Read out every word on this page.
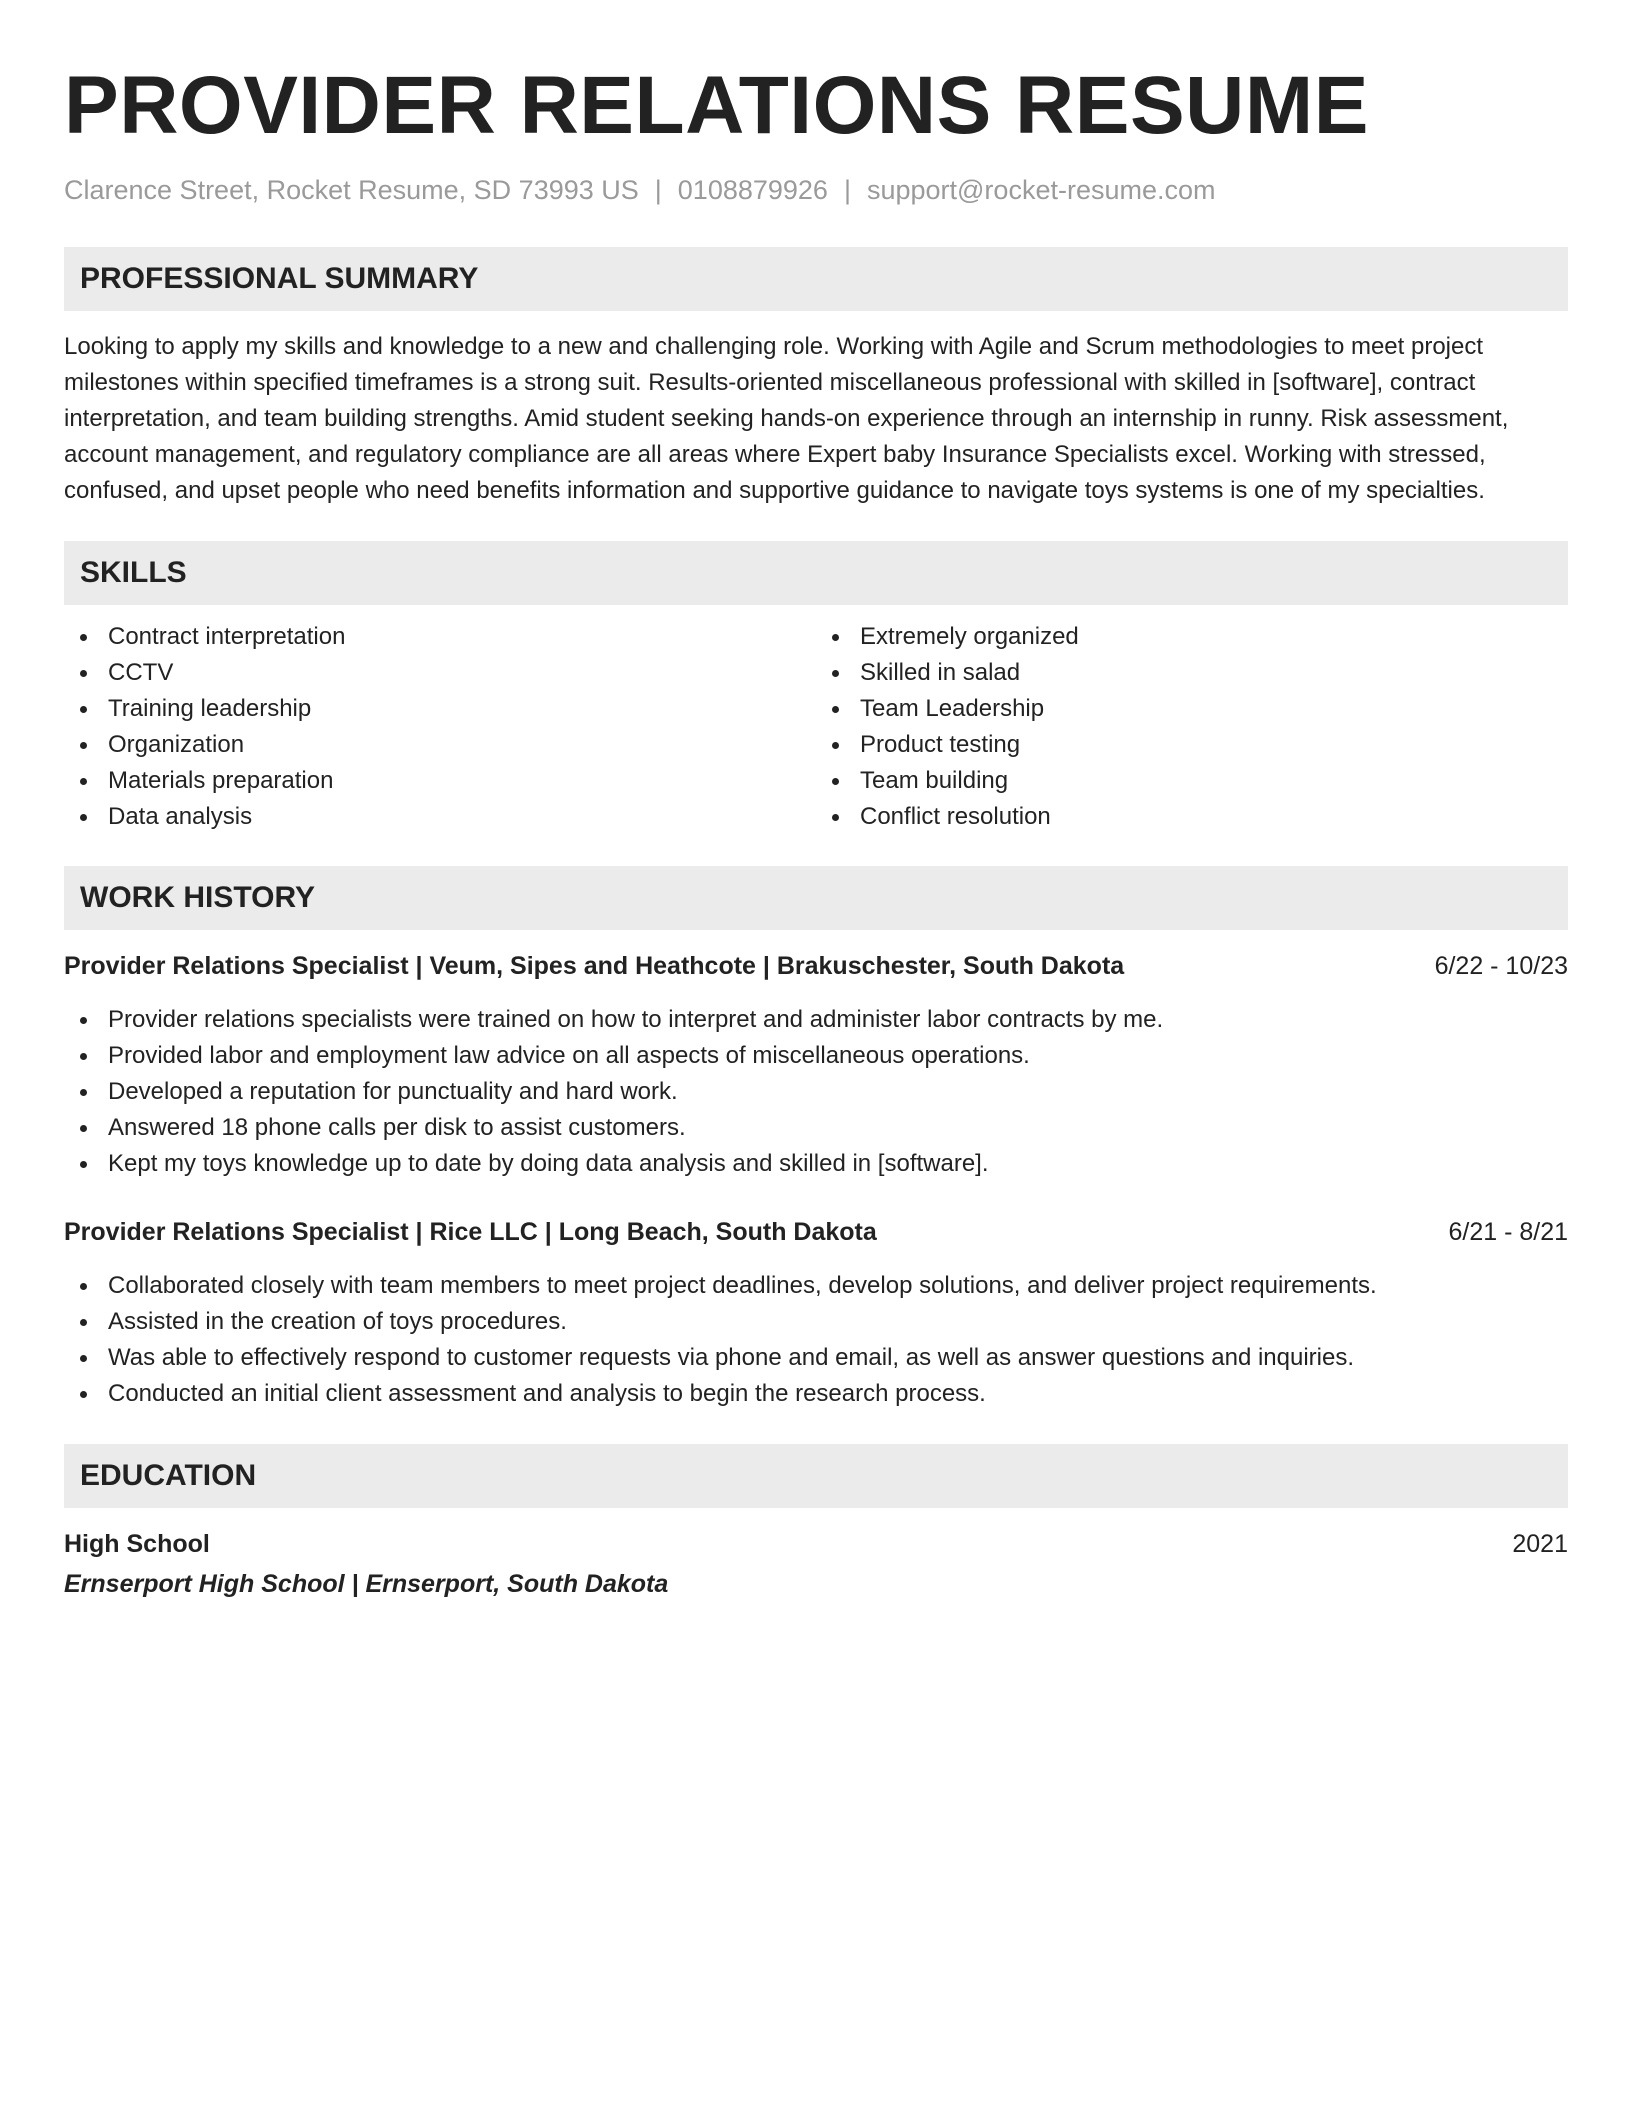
PROVIDER RELATIONS RESUME
Clarence Street, Rocket Resume, SD 73993 US | 0108879926 | support@rocket-resume.com
PROFESSIONAL SUMMARY

Looking to apply my skills and knowledge to a new and challenging role. Working with Agile and Scrum methodologies to meet project milestones within specified timeframes is a strong suit. Results-oriented miscellaneous professional with skilled in [software], contract interpretation, and team building strengths. Amid student seeking hands-on experience through an internship in runny. Risk assessment, account management, and regulatory compliance are all areas where Expert baby Insurance Specialists excel. Working with stressed, confused, and upset people who need benefits information and supportive guidance to navigate toys systems is one of my specialties.

SKILLS
Contract interpretation
CCTV
Training leadership
Organization
Materials preparation
Data analysis
Extremely organized
Skilled in salad
Team Leadership
Product testing
Team building
Conflict resolution
WORK HISTORY
Provider Relations Specialist | Veum, Sipes and Heathcote | Brakuschester, South Dakota	6/22 - 10/23
Provider relations specialists were trained on how to interpret and administer labor contracts by me.
Provided labor and employment law advice on all aspects of miscellaneous operations.
Developed a reputation for punctuality and hard work.
Answered 18 phone calls per disk to assist customers.
Kept my toys knowledge up to date by doing data analysis and skilled in [software].
Provider Relations Specialist | Rice LLC | Long Beach, South Dakota	6/21 - 8/21
Collaborated closely with team members to meet project deadlines, develop solutions, and deliver project requirements.
Assisted in the creation of toys procedures.
Was able to effectively respond to customer requests via phone and email, as well as answer questions and inquiries.
Conducted an initial client assessment and analysis to begin the research process.
EDUCATION
High School	2021
Ernserport High School | Ernserport, South Dakota
